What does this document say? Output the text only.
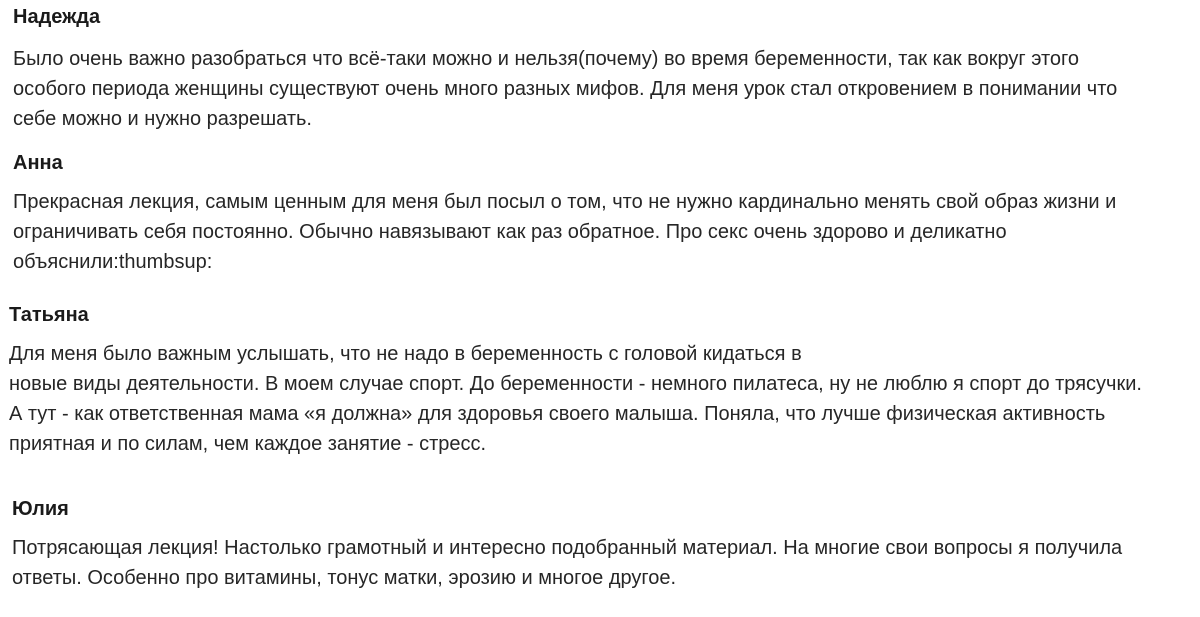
Надежда
Было очень важно разобраться что всё-таки можно и нельзя(почему) во время беременности, так как вокруг этого
особого периода женщины существуют очень много разных мифов. Для меня урок стал откровением в понимании что
себе можно и нужно разрешать.
Анна
Прекрасная лекция, самым ценным для меня был посыл о том, что не нужно кардинально менять свой образ жизни и
ограничивать себя постоянно. Обычно навязывают как раз обратное. Про секс очень здорово и деликатно
объяснили:thumbsup:
Татьяна
Для меня было важным услышать, что не надо в беременность с головой кидаться в
новые виды деятельности. В моем случае спорт. До беременности - немного пилатеса, ну не люблю я спорт до трясучки.
А тут - как ответственная мама «я должна» для здоровья своего малыша. Поняла, что лучше физическая активность
приятная и по силам, чем каждое занятие - стресс.
Юлия
Потрясающая лекция! Настолько грамотный и интересно подобранный материал. На многие свои вопросы я получила
ответы. Особенно про витамины, тонус матки, эрозию и многое другое.
